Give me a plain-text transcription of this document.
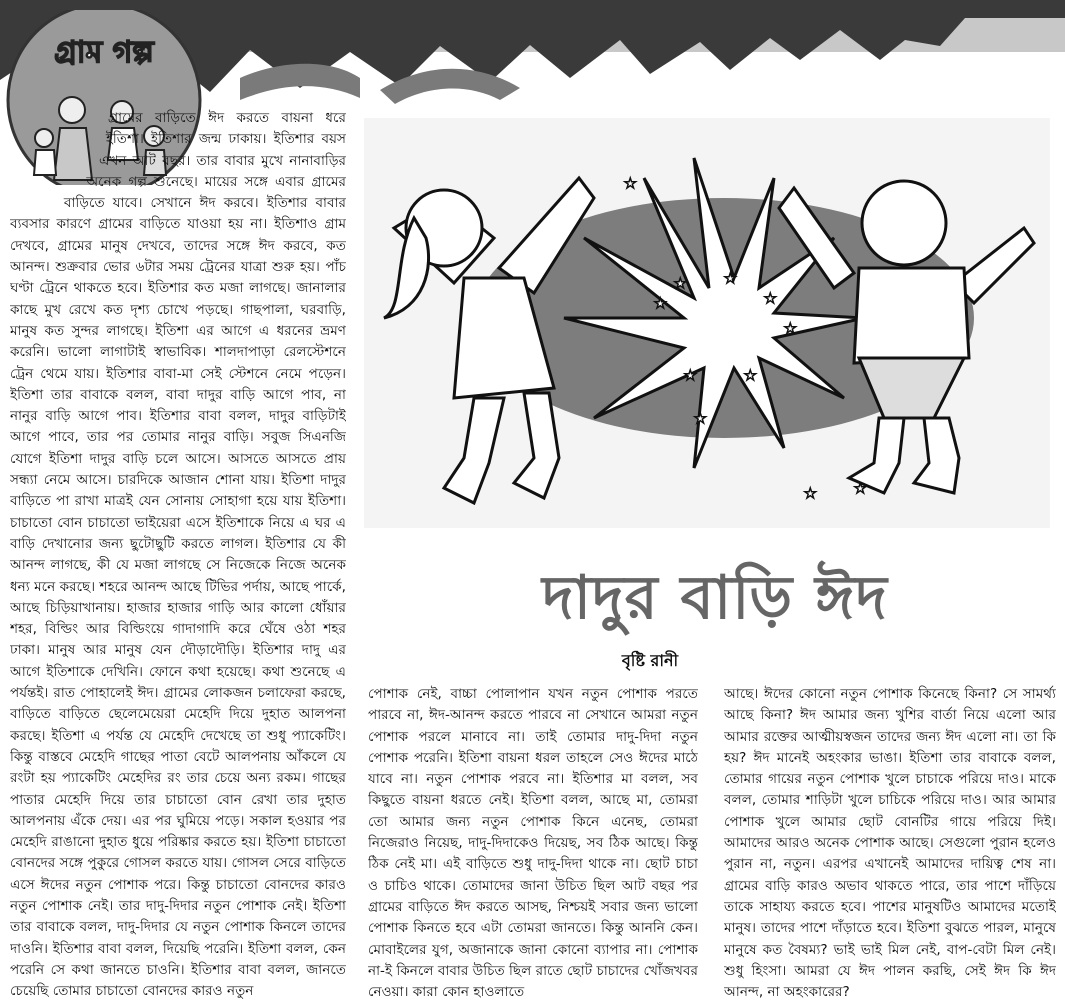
গ্রাম গল্প

গ্রামের বাড়িতে ঈদ করতে বায়না ধরে ইতিশা। ইতিশার জন্ম ঢাকায়। ইতিশার বয়স এখন আট বছর। তার বাবার মুখে নানাবাড়ির অনেক গল্প শুনেছে। মায়ের সঙ্গে এবার গ্রামের বাড়িতে যাবে। সেখানে ঈদ করবে। ইতিশার বাবার ব্যবসার কারণে গ্রামের বাড়িতে যাওয়া হয় না। ইতিশাও গ্রাম দেখবে, গ্রামের মানুষ দেখবে, তাদের সঙ্গে ঈদ করবে, কত আনন্দ। শুক্রবার ভোর ৬টার সময় ট্রেনের যাত্রা শুরু হয়। পাঁচ ঘণ্টা ট্রেনে থাকতে হবে। ইতিশার কত মজা লাগছে। জানালার কাছে মুখ রেখে কত দৃশ্য চোখে পড়ছে। গাছপালা, ঘরবাড়ি, মানুষ কত সুন্দর লাগছে। ইতিশা এর আগে এ ধরনের ভ্রমণ করেনি। ভালো লাগাটাই স্বাভাবিক। শালদাপাড়া রেলস্টেশনে ট্রেন থেমে যায়। ইতিশার বাবা-মা সেই স্টেশনে নেমে পড়েন। ইতিশা তার বাবাকে বলল, বাবা দাদুর বাড়ি আগে পাব, না নানুর বাড়ি আগে পাব। ইতিশার বাবা বলল, দাদুর বাড়িটাই আগে পাবে, তার পর তোমার নানুর বাড়ি। সবুজ সিএনজি যোগে ইতিশা দাদুর বাড়ি চলে আসে। আসতে আসতে প্রায় সন্ধ্যা নেমে আসে। চারদিকে আজান শোনা যায়। ইতিশা দাদুর বাড়িতে পা রাখা মাত্রই যেন সোনায় সোহাগা হয়ে যায় ইতিশা। চাচাতো বোন চাচাতো ভাইয়েরা এসে ইতিশাকে নিয়ে এ ঘর এ বাড়ি দেখানোর জন্য ছুটোছুটি করতে লাগল। ইতিশার যে কী আনন্দ লাগছে, কী যে মজা লাগছে সে নিজেকে নিজে অনেক ধন্য মনে করছে। শহরে আনন্দ আছে টিভির পর্দায়, আছে পার্কে, আছে চিড়িয়াখানায়। হাজার হাজার গাড়ি আর কালো ধোঁয়ার শহর, বিল্ডিং আর বিল্ডিংয়ে গাদাগাদি করে ঘেঁষে ওঠা শহর ঢাকা। মানুষ আর মানুষ যেন দৌড়াদৌড়ি। ইতিশার দাদু এর আগে ইতিশাকে দেখিনি। ফোনে কথা হয়েছে। কথা শুনেছে এ পর্যন্তই। রাত পোহালেই ঈদ। গ্রামের লোকজন চলাফেরা করছে, বাড়িতে বাড়িতে ছেলেমেয়েরা মেহেদি দিয়ে দুহাত আলপনা করছে। ইতিশা এ পর্যন্ত যে মেহেদি দেখেছে তা শুধু প্যাকেটিং। কিন্তু বাস্তবে মেহেদি গাছের পাতা বেটে আলপনায় আঁকলে যে রংটা হয় প্যাকেটিং মেহেদির রং তার চেয়ে অন্য রকম। গাছের পাতার মেহেদি দিয়ে তার চাচাতো বোন রেখা তার দুহাত আলপনায় এঁকে দেয়। এর পর ঘুমিয়ে পড়ে। সকাল হওয়ার পর মেহেদি রাঙানো দুহাত ধুয়ে পরিষ্কার করতে হয়। ইতিশা চাচাতো বোনদের সঙ্গে পুকুরে গোসল করতে যায়। গোসল সেরে বাড়িতে এসে ঈদের নতুন পোশাক পরে। কিন্তু চাচাতো বোনদের কারও নতুন পোশাক নেই। তার দাদু-দিদার নতুন পোশাক নেই। ইতিশা তার বাবাকে বলল, দাদু-দিদার যে নতুন পোশাক কিনলে তাদের দাওনি। ইতিশার বাবা বলল, দিয়েছি পরেনি। ইতিশা বলল, কেন পরেনি সে কথা জানতে চাওনি। ইতিশার বাবা বলল, জানতে চেয়েছি তোমার চাচাতো বোনদের কারও নতুন

★
★	★
★
★
★	★
★	★
★
★
দাদুর বাড়ি ঈদ
বৃষ্টি রানী

পোশাক নেই, বাচ্চা পোলাপান যখন নতুন পোশাক পরতে পারবে না, ঈদ-আনন্দ করতে পারবে না সেখানে আমরা নতুন পোশাক পরলে মানাবে না। তাই তোমার দাদু-দিদা নতুন পোশাক পরেনি। ইতিশা বায়না ধরল তাহলে সেও ঈদের মাঠে যাবে না। নতুন পোশাক পরবে না। ইতিশার মা বলল, সব কিছুতে বায়না ধরতে নেই। ইতিশা বলল, আছে মা, তোমরা তো আমার জন্য নতুন পোশাক কিনে এনেছ, তোমরা নিজেরাও নিয়েছ, দাদু-দিদাকেও দিয়েছ, সব ঠিক আছে। কিন্তু ঠিক নেই মা। এই বাড়িতে শুধু দাদু-দিদা থাকে না। ছোট চাচা ও চাচিও থাকে। তোমাদের জানা উচিত ছিল আট বছর পর গ্রামের বাড়িতে ঈদ করতে আসছ, নিশ্চয়ই সবার জন্য ভালো পোশাক কিনতে হবে এটা তোমরা জানতে। কিন্তু আননি কেন। মোবাইলের যুগ, অজানাকে জানা কোনো ব্যাপার না। পোশাক না-ই কিনলে বাবার উচিত ছিল রাতে ছোট চাচাদের খোঁজখবর নেওয়া। কারা কোন হাওলাতে

আছে। ঈদের কোনো নতুন পোশাক কিনেছে কিনা? সে সামর্থ্য আছে কিনা? ঈদ আমার জন্য খুশির বার্তা নিয়ে এলো আর আমার রক্তের আত্মীয়স্বজন তাদের জন্য ঈদ এলো না। তা কি হয়? ঈদ মানেই অহংকার ভাঙা। ইতিশা তার বাবাকে বলল, তোমার গায়ের নতুন পোশাক খুলে চাচাকে পরিয়ে দাও। মাকে বলল, তোমার শাড়িটা খুলে চাচিকে পরিয়ে দাও। আর আমার পোশাক খুলে আমার ছোট বোনটির গায়ে পরিয়ে দিই। আমাদের আরও অনেক পোশাক আছে। সেগুলো পুরান হলেও পুরান না, নতুন। এরপর এখানেই আমাদের দায়িত্ব শেষ না। গ্রামের বাড়ি কারও অভাব থাকতে পারে, তার পাশে দাঁড়িয়ে তাকে সাহায্য করতে হবে। পাশের মানুষটিও আমাদের মতোই মানুষ। তাদের পাশে দাঁড়াতে হবে। ইতিশা বুঝতে পারল, মানুষে মানুষে কত বৈষম্য? ভাই ভাই মিল নেই, বাপ-বেটা মিল নেই। শুধু হিংসা। আমরা যে ঈদ পালন করছি, সেই ঈদ কি ঈদ আনন্দ, না অহংকারের?
